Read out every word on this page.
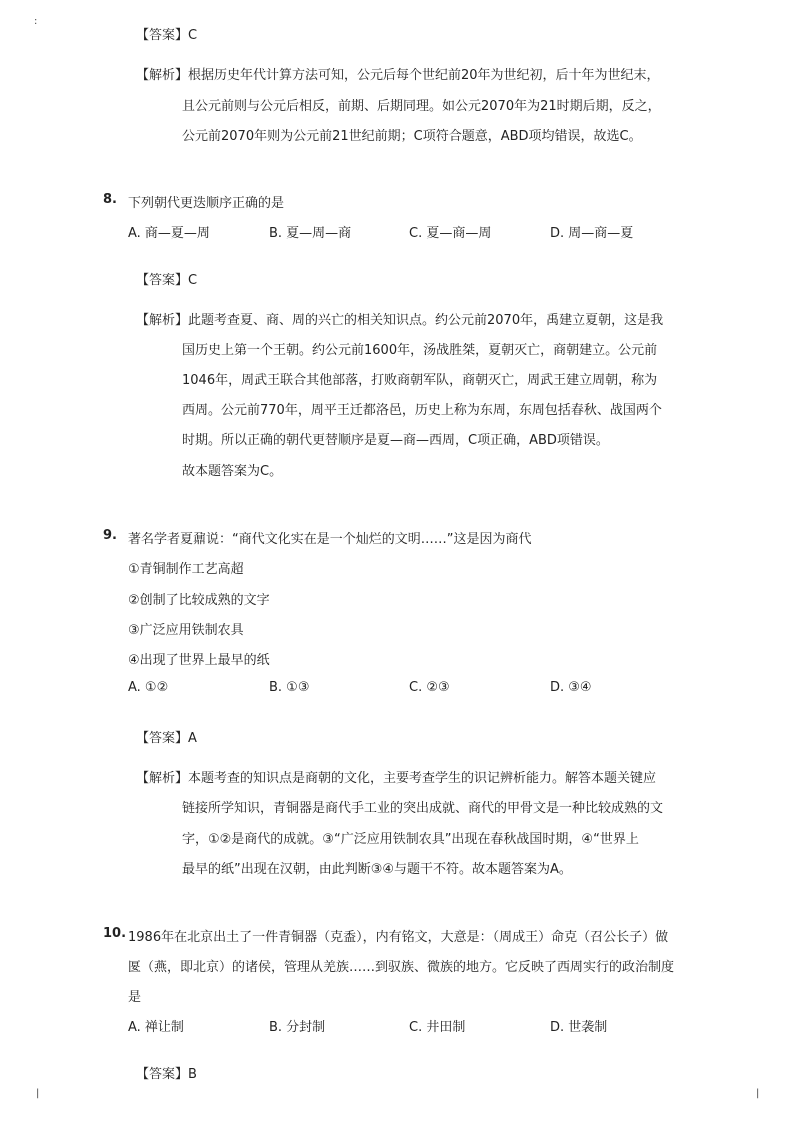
:
|	|
【答案】C
【解析】根据历史年代计算方法可知，公元后每个世纪前20年为世纪初，后十年为世纪末，
且公元前则与公元后相反，前期、后期同理。如公元2070年为21时期后期，反之，
公元前2070年则为公元前21世纪前期；C项符合题意，ABD项均错误，故选C。
8. 下列朝代更迭顺序正确的是
A. 商—夏—周	B. 夏—周—商	C. 夏—商—周	D. 周—商—夏
【答案】C
【解析】此题考查夏、商、周的兴亡的相关知识点。约公元前2070年，禹建立夏朝，这是我
国历史上第一个王朝。约公元前1600年，汤战胜桀，夏朝灭亡，商朝建立。公元前
1046年，周武王联合其他部落，打败商朝军队，商朝灭亡，周武王建立周朝，称为
西周。公元前770年，周平王迁都洛邑，历史上称为东周，东周包括春秋、战国两个
时期。所以正确的朝代更替顺序是夏—商—西周，C项正确，ABD项错误。
故本题答案为C。
9. 著名学者夏鼐说：“商代文化实在是一个灿烂的文明……”这是因为商代
①青铜制作工艺高超
②创制了比较成熟的文字
③广泛应用铁制农具
④出现了世界上最早的纸
A. ①②	B. ①③	C. ②③	D. ③④
【答案】A
【解析】本题考查的知识点是商朝的文化，主要考查学生的识记辨析能力。解答本题关键应
链接所学知识，青铜器是商代手工业的突出成就、商代的甲骨文是一种比较成熟的文
字，①②是商代的成就。③“广泛应用铁制农具”出现在春秋战国时期，④“世界上
最早的纸”出现在汉朝，由此判断③④与题干不符。故本题答案为A。
10. 1986年在北京出土了一件青铜器（克盉），内有铭文，大意是：（周成王）命克（召公长子）做
匽（燕，即北京）的诸侯，管理从羌族……到驭族、微族的地方。它反映了西周实行的政治制度
是
A. 禅让制	B. 分封制	C. 井田制	D. 世袭制
【答案】B
